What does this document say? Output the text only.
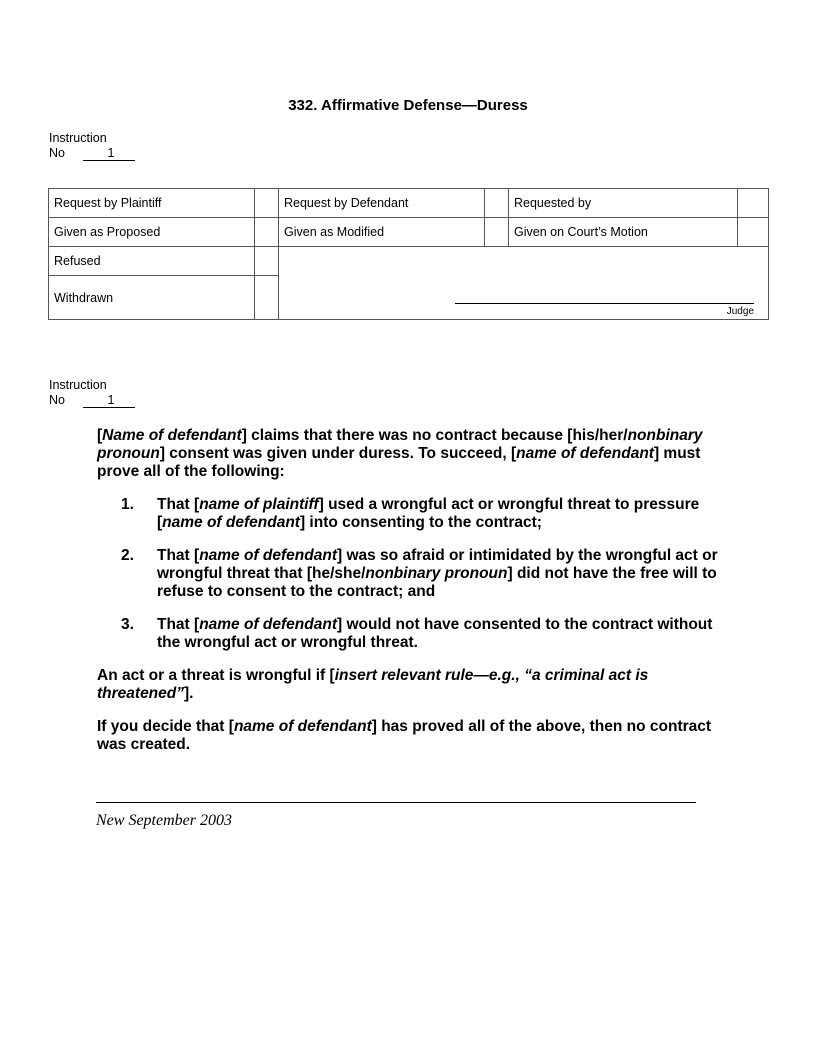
332. Affirmative Defense—Duress
Instruction
No	1
Request by Plaintiff		Request by Defendant		Requested by	
Given as Proposed		Given as Modified		Given on Court’s Motion	
Refused		Judge			

Withdrawn					
Instruction
No	1

[Name of defendant] claims that there was no contract because [his/her/nonbinary pronoun] consent was given under duress. To succeed, [name of defendant] must prove all of the following:

1. That [name of plaintiff] used a wrongful act or wrongful threat to pressure [name of defendant] into consenting to the contract;
2. That [name of defendant] was so afraid or intimidated by the wrongful act or wrongful threat that [he/she/nonbinary pronoun] did not have the free will to refuse to consent to the contract; and
3. That [name of defendant] would not have consented to the contract without the wrongful act or wrongful threat.

An act or a threat is wrongful if [insert relevant rule—e.g., “a criminal act is threatened”].

If you decide that [name of defendant] has proved all of the above, then no contract was created.

New September 2003
